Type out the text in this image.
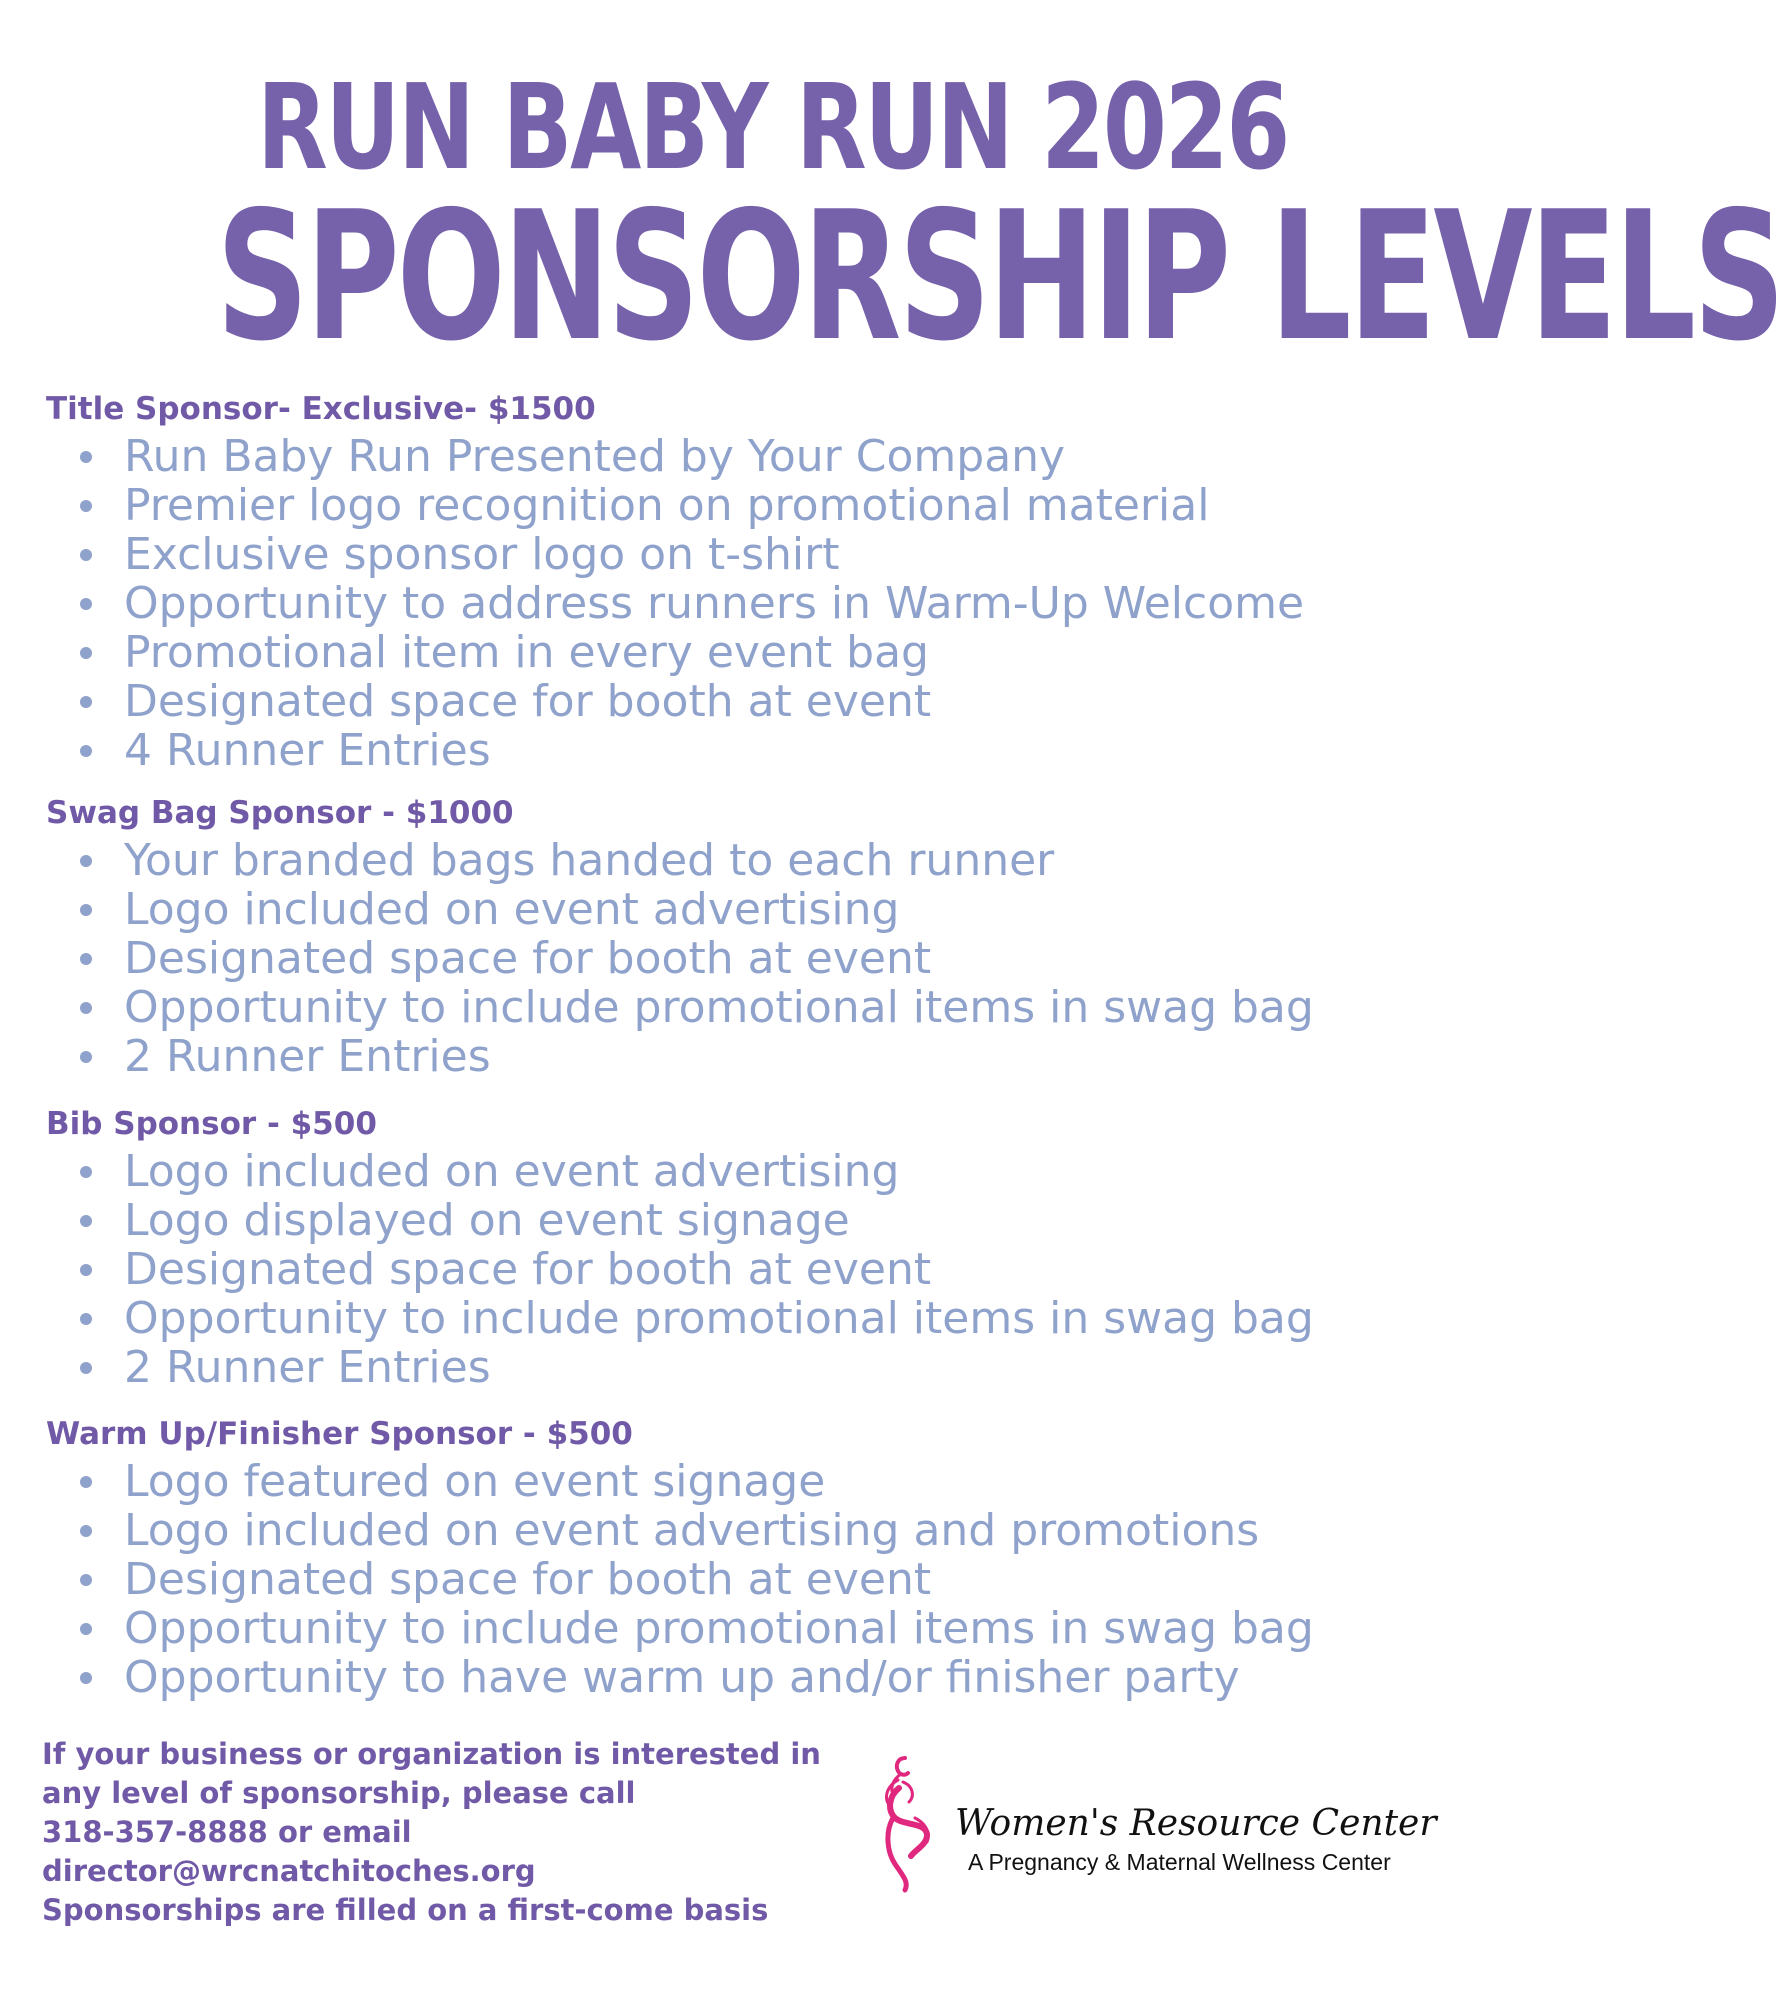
RUN BABY RUN 2026
SPONSORSHIP LEVELS
Title Sponsor- Exclusive- $1500
Run Baby Run Presented by Your Company
Premier logo recognition on promotional material
Exclusive sponsor logo on t-shirt
Opportunity to address runners in Warm-Up Welcome
Promotional item in every event bag
Designated space for booth at event
4 Runner Entries
Swag Bag Sponsor - $1000
Your branded bags handed to each runner
Logo included on event advertising
Designated space for booth at event
Opportunity to include promotional items in swag bag
2 Runner Entries
Bib Sponsor - $500
Logo included on event advertising
Logo displayed on event signage
Designated space for booth at event
Opportunity to include promotional items in swag bag
2 Runner Entries
Warm Up/Finisher Sponsor - $500
Logo featured on event signage
Logo included on event advertising and promotions
Designated space for booth at event
Opportunity to include promotional items in swag bag
Opportunity to have warm up and/or finisher party
If your business or organization is interested in
any level of sponsorship, please call
318-357-8888 or email
director@wrcnatchitoches.org
Sponsorships are filled on a first-come basis
Women's Resource Center
A Pregnancy & Maternal Wellness Center
